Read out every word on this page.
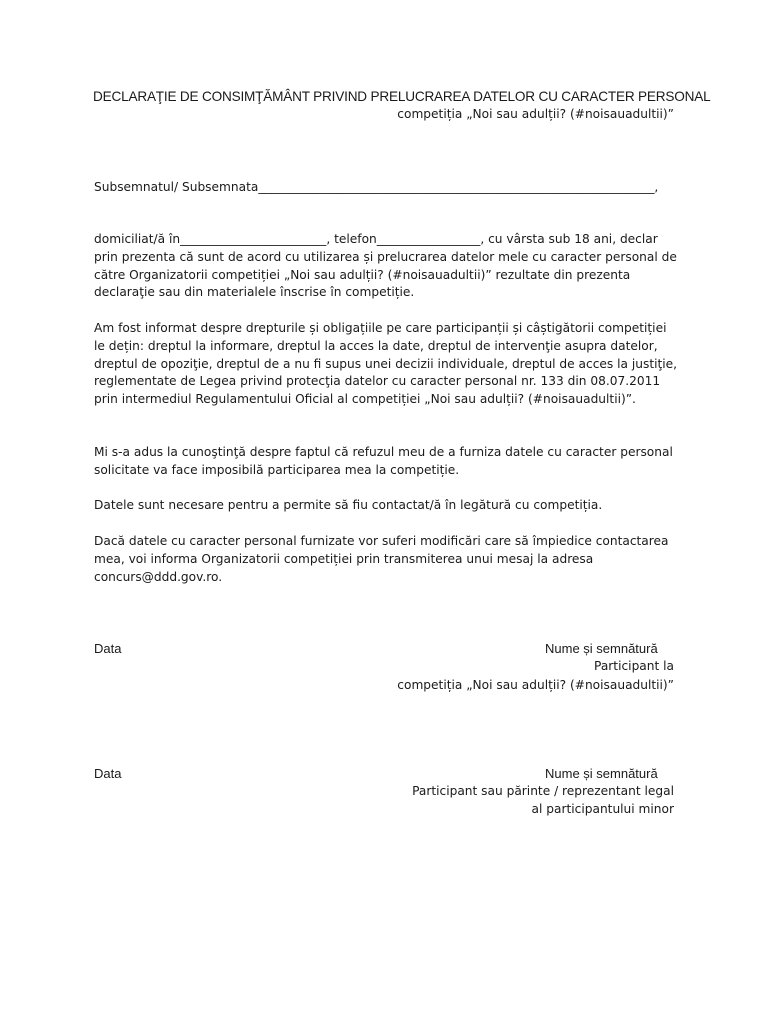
DECLARAŢIE DE CONSIMŢĂMÂNT PRIVIND PRELUCRAREA DATELOR CU CARACTER PERSONAL
competiția „Noi sau adulții? (#noisauadultii)”
Subsemnatul/ Subsemnata_________________________________________________________________,

domiciliat/ă în________________________, telefon_________________, cu vârsta sub 18 ani, declar prin prezenta că sunt de acord cu utilizarea și prelucrarea datelor mele cu caracter personal de către Organizatorii competiției „Noi sau adulții? (#noisauadultii)” rezultate din prezenta declaraţie sau din materialele înscrise în competiție.

Am fost informat despre drepturile și obligațiile pe care participanții și câștigătorii competiției le dețin: dreptul la informare, dreptul la acces la date, dreptul de intervenţie asupra datelor, dreptul de opoziţie, dreptul de a nu fi supus unei decizii individuale, dreptul de acces la justiţie, reglementate de Legea privind protecţia datelor cu caracter personal nr. 133 din 08.07.2011 prin intermediul Regulamentului Oficial al competiției „Noi sau adulții? (#noisauadultii)”.

Mi s-a adus la cunoştinţă despre faptul că refuzul meu de a furniza datele cu caracter personal solicitate va face imposibilă participarea mea la competiție.

Datele sunt necesare pentru a permite să fiu contactat/ă în legătură cu competiția.

Dacă datele cu caracter personal furnizate vor suferi modificări care să împiedice contactarea mea, voi informa Organizatorii competiției prin transmiterea unui mesaj la adresa concurs@ddd.gov.ro.

Data	Nume și semnătură
Participant la
competiția „Noi sau adulții? (#noisauadultii)”
Data	Nume și semnătură
Participant sau părinte / reprezentant legal
al participantului minor
